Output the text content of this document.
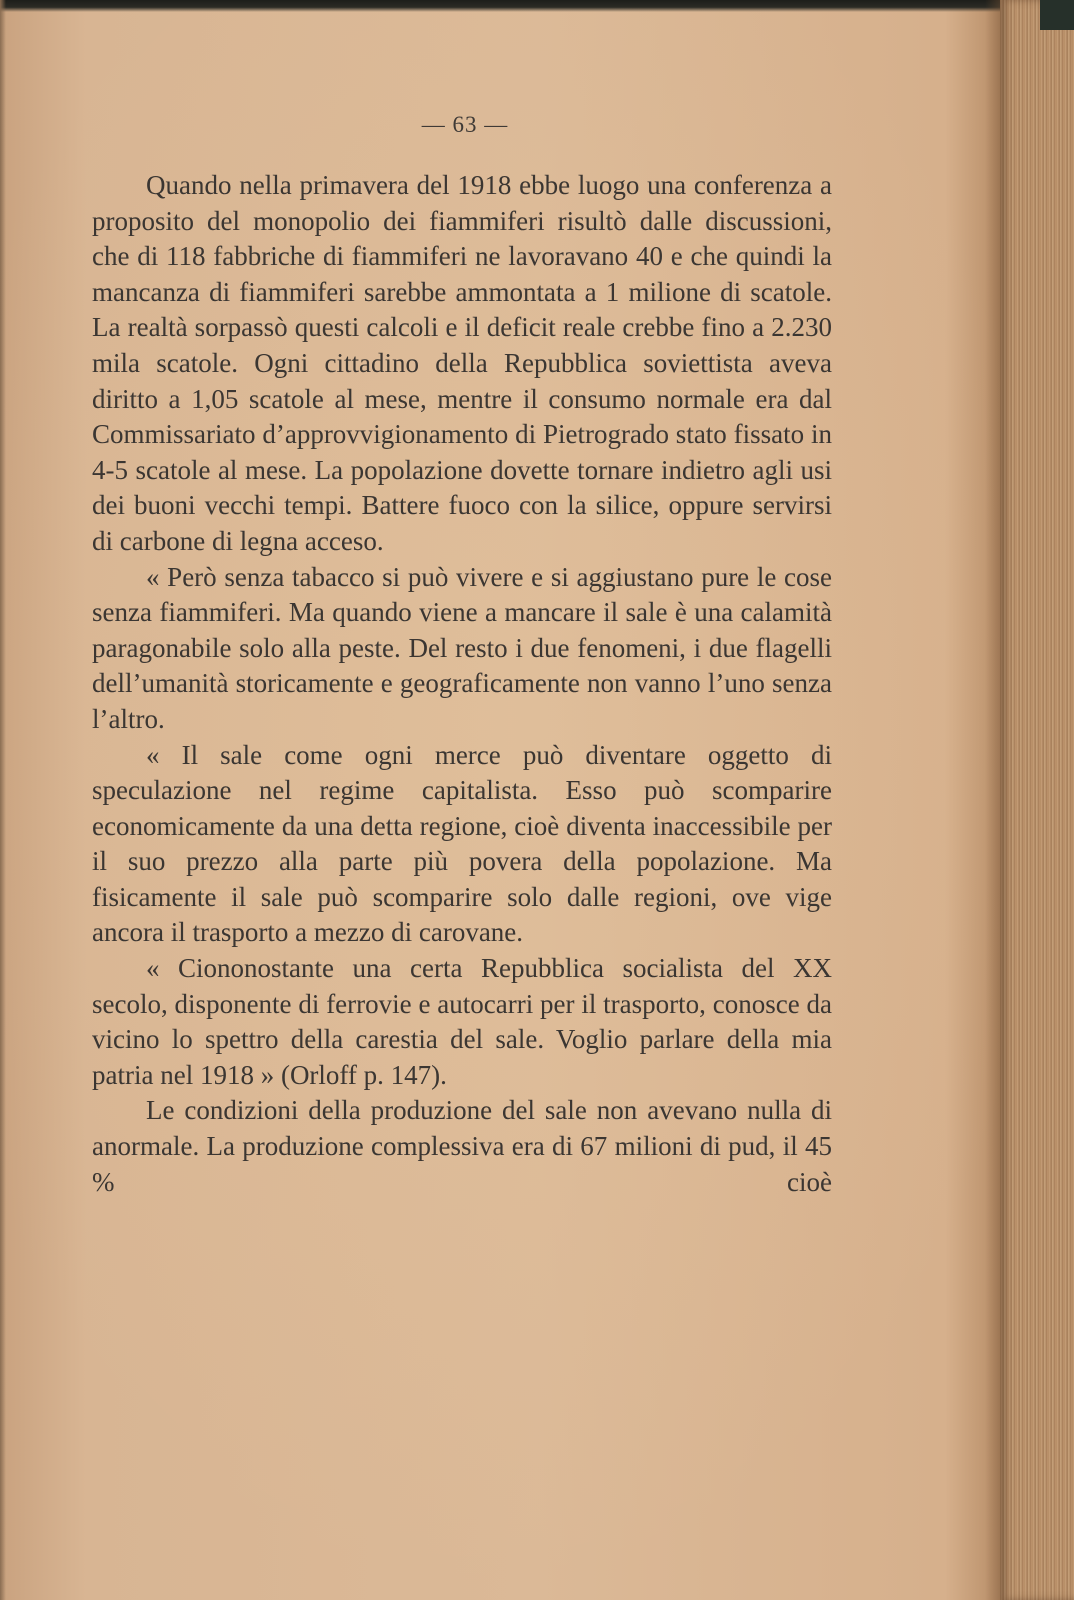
— 63 —

Quando nella primavera del 1918 ebbe luogo una conferenza a proposito del monopolio dei fiammiferi risultò dalle discussioni, che di 118 fabbriche di fiammiferi ne lavoravano 40 e che quindi la mancanza di fiammiferi sarebbe ammontata a 1 milione di scatole. La realtà sorpassò questi calcoli e il deficit reale crebbe fino a 2.230 mila scatole. Ogni cittadino della Repubblica soviettista aveva diritto a 1,05 scatole al mese, mentre il consumo normale era dal Commissariato d’approvvigionamento di Pietrogrado stato fissato in 4-5 scatole al mese. La popolazione dovette tornare indietro agli usi dei buoni vecchi tempi. Battere fuoco con la silice, oppure servirsi di carbone di legna acceso.

« Però senza tabacco si può vivere e si aggiustano pure le cose senza fiammiferi. Ma quando viene a mancare il sale è una calamità paragonabile solo alla peste. Del resto i due fenomeni, i due flagelli dell’umanità storicamente e geograficamente non vanno l’uno senza l’altro.

« Il sale come ogni merce può diventare oggetto di speculazione nel regime capitalista. Esso può scomparire economicamente da una detta regione, cioè diventa inaccessibile per il suo prezzo alla parte più povera della popolazione. Ma fisicamente il sale può scomparire solo dalle regioni, ove vige ancora il trasporto a mezzo di carovane.

« Ciononostante una certa Repubblica socialista del XX secolo, disponente di ferrovie e autocarri per il trasporto, conosce da vicino lo spettro della carestia del sale. Voglio parlare della mia patria nel 1918 » (Orloff p. 147).

Le condizioni della produzione del sale non avevano nulla di anormale. La produzione complessiva era di 67 milioni di pud, il 45 % cioè
